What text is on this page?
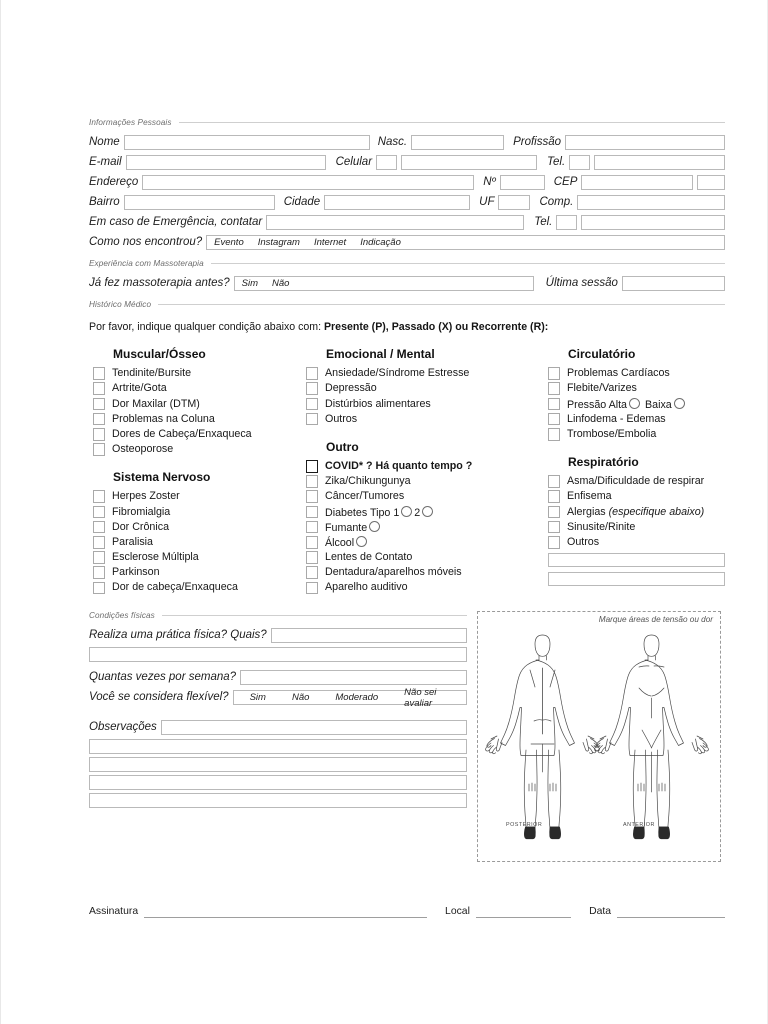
Informações Pessoais
Nome	Nasc.	Profissão
E-mail	Celular	Tel.
Endereço	Nº	CEP
Bairro	Cidade	UF	Comp.
Em caso de Emergência, contatar	Tel.
Como nos encontrou? Evento Instagram Internet Indicação
Experiência com Massoterapia
Já fez massoterapia antes? Sim Não	Última sessão
Histórico Médico
Por favor, indique qualquer condição abaixo com: Presente (P), Passado (X) ou Recorrente (R):
Muscular/Ósseo
Tendinite/Bursite
Artrite/Gota
Dor Maxilar (DTM)
Problemas na Coluna
Dores de Cabeça/Enxaqueca
Osteoporose
Sistema Nervoso
Herpes Zoster
Fibromialgia
Dor Crônica
Paralisia
Esclerose Múltipla
Parkinson
Dor de cabeça/Enxaqueca
Emocional / Mental
Ansiedade/Síndrome Estresse
Depressão
Distúrbios alimentares
Outros
Outro
COVID* ? Há quanto tempo ?
Zika/Chikungunya
Câncer/Tumores
Diabetes Tipo 1 2
Fumante
Álcool
Lentes de Contato
Dentadura/aparelhos móveis
Aparelho auditivo
Circulatório
Problemas Cardíacos
Flebite/Varizes
Pressão Alta Baixa
Linfodema - Edemas
Trombose/Embolia
Respiratório
Asma/Dificuldade de respirar
Enfisema
Alergias (especifique abaixo)
Sinusite/Rinite
Outros
Condições físicas
Realiza uma prática física? Quais?
Quantas vezes por semana?
Você se considera flexível? Sim	Não	Moderado	Não sei avaliar
Observações
Marque áreas de tensão ou dor
POSTERIOR	ANTERIOR
Assinatura	Local	Data
